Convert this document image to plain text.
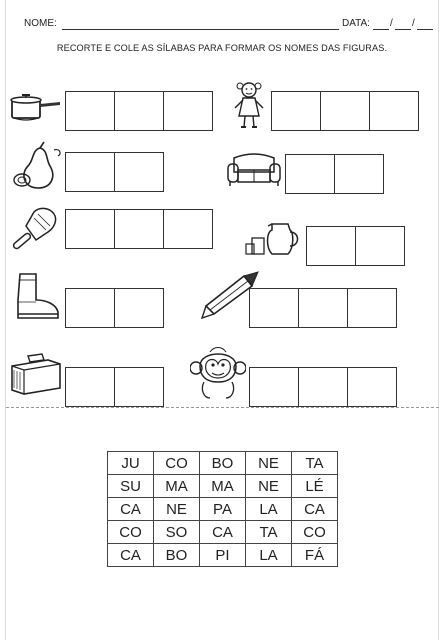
NOME:	DATA: / /
RECORTE E COLE AS SÍLABAS PARA FORMAR OS NOMES DAS FIGURAS.
JU	CO	BO	NE	TA
SU	MA	MA	NE	LÉ
CA	NE	PA	LA	CA
CO	SO	CA	TA	CO
CA	BO	PI	LA	FÁ
